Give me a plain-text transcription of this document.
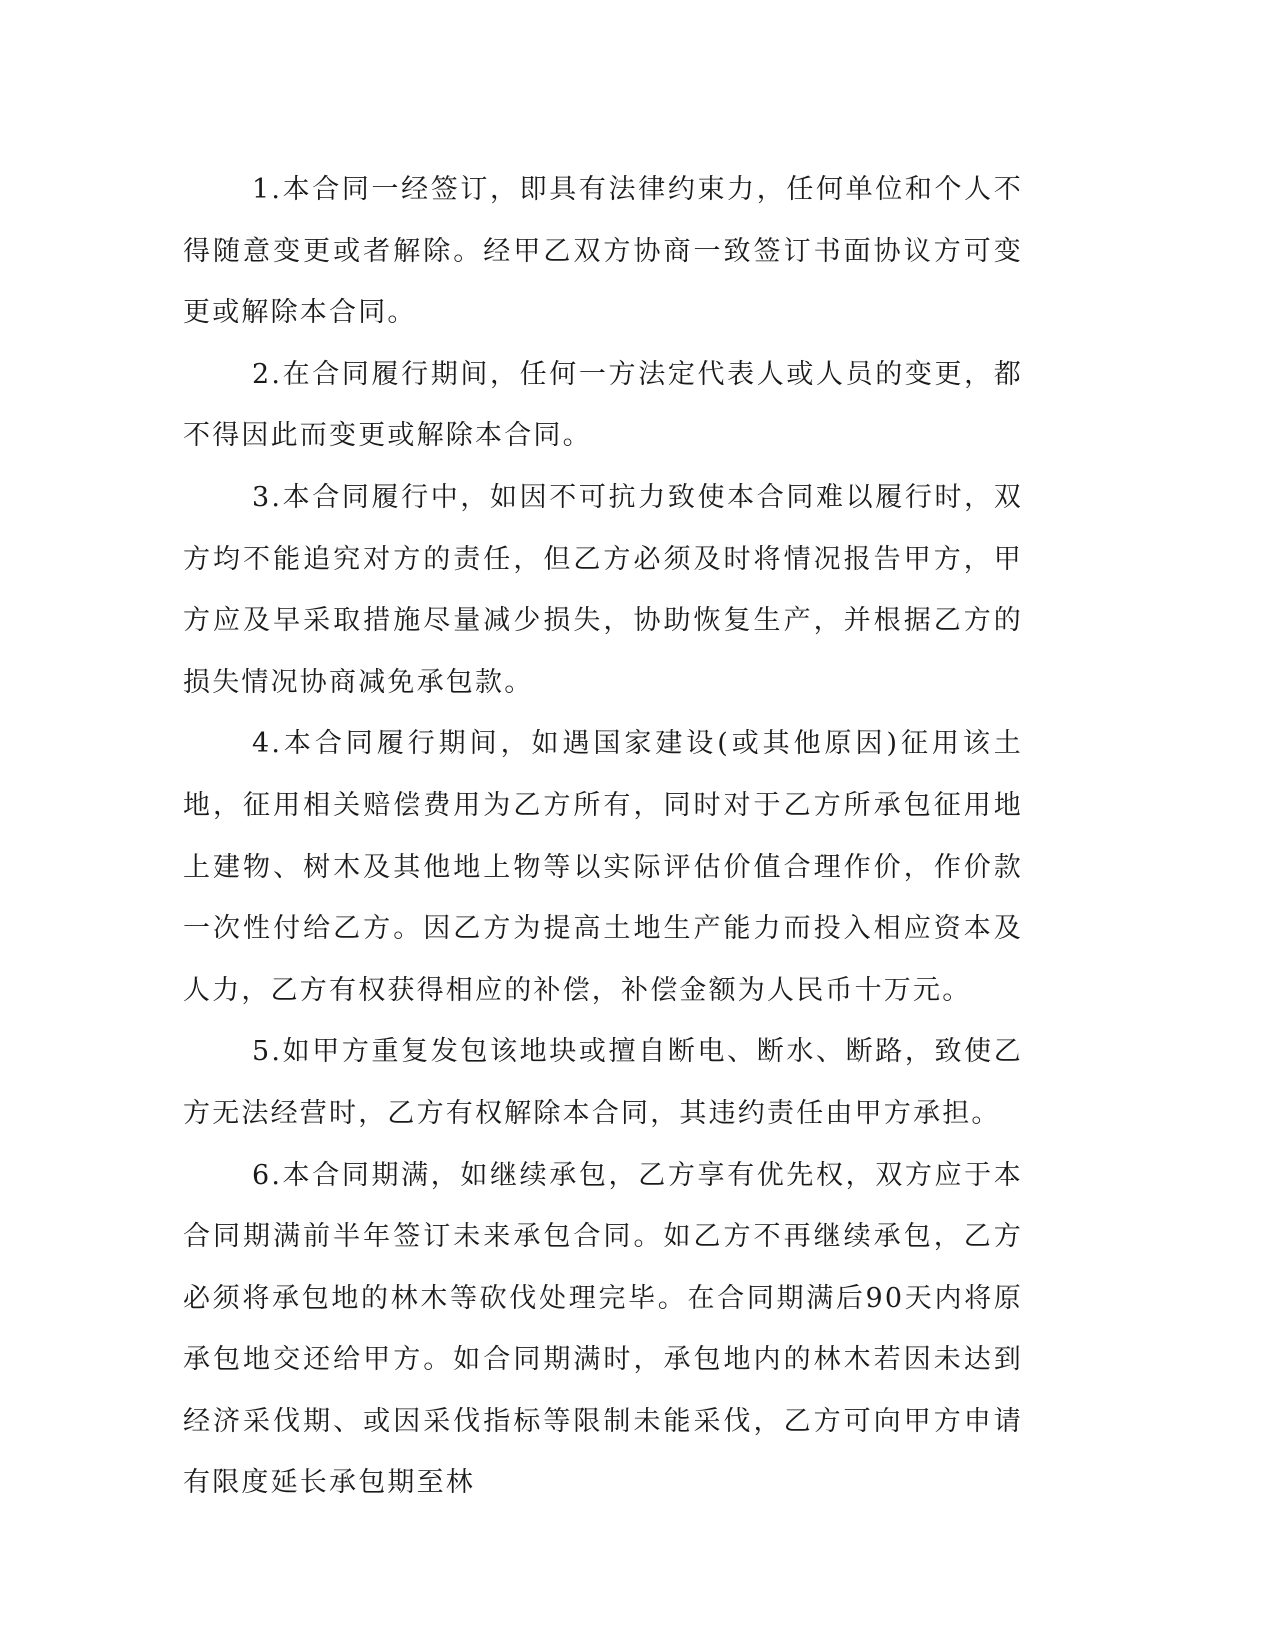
1.本合同一经签订，即具有法律约束力，任何单位和个人不得随意变更或者解除。经甲乙双方协商一致签订书面协议方可变更或解除本合同。

2.在合同履行期间，任何一方法定代表人或人员的变更，都不得因此而变更或解除本合同。

3.本合同履行中，如因不可抗力致使本合同难以履行时，双方均不能追究对方的责任，但乙方必须及时将情况报告甲方，甲方应及早采取措施尽量减少损失，协助恢复生产，并根据乙方的损失情况协商减免承包款。

4.本合同履行期间，如遇国家建设(或其他原因)征用该土地，征用相关赔偿费用为乙方所有，同时对于乙方所承包征用地上建物、树木及其他地上物等以实际评估价值合理作价，作价款一次性付给乙方。因乙方为提高土地生产能力而投入相应资本及人力，乙方有权获得相应的补偿，补偿金额为人民币十万元。

5.如甲方重复发包该地块或擅自断电、断水、断路，致使乙方无法经营时，乙方有权解除本合同，其违约责任由甲方承担。

6.本合同期满，如继续承包，乙方享有优先权，双方应于本合同期满前半年签订未来承包合同。如乙方不再继续承包，乙方必须将承包地的林木等砍伐处理完毕。在合同期满后90天内将原承包地交还给甲方。如合同期满时，承包地内的林木若因未达到经济采伐期、或因采伐指标等限制未能采伐，乙方可向甲方申请有限度延长承包期至林
